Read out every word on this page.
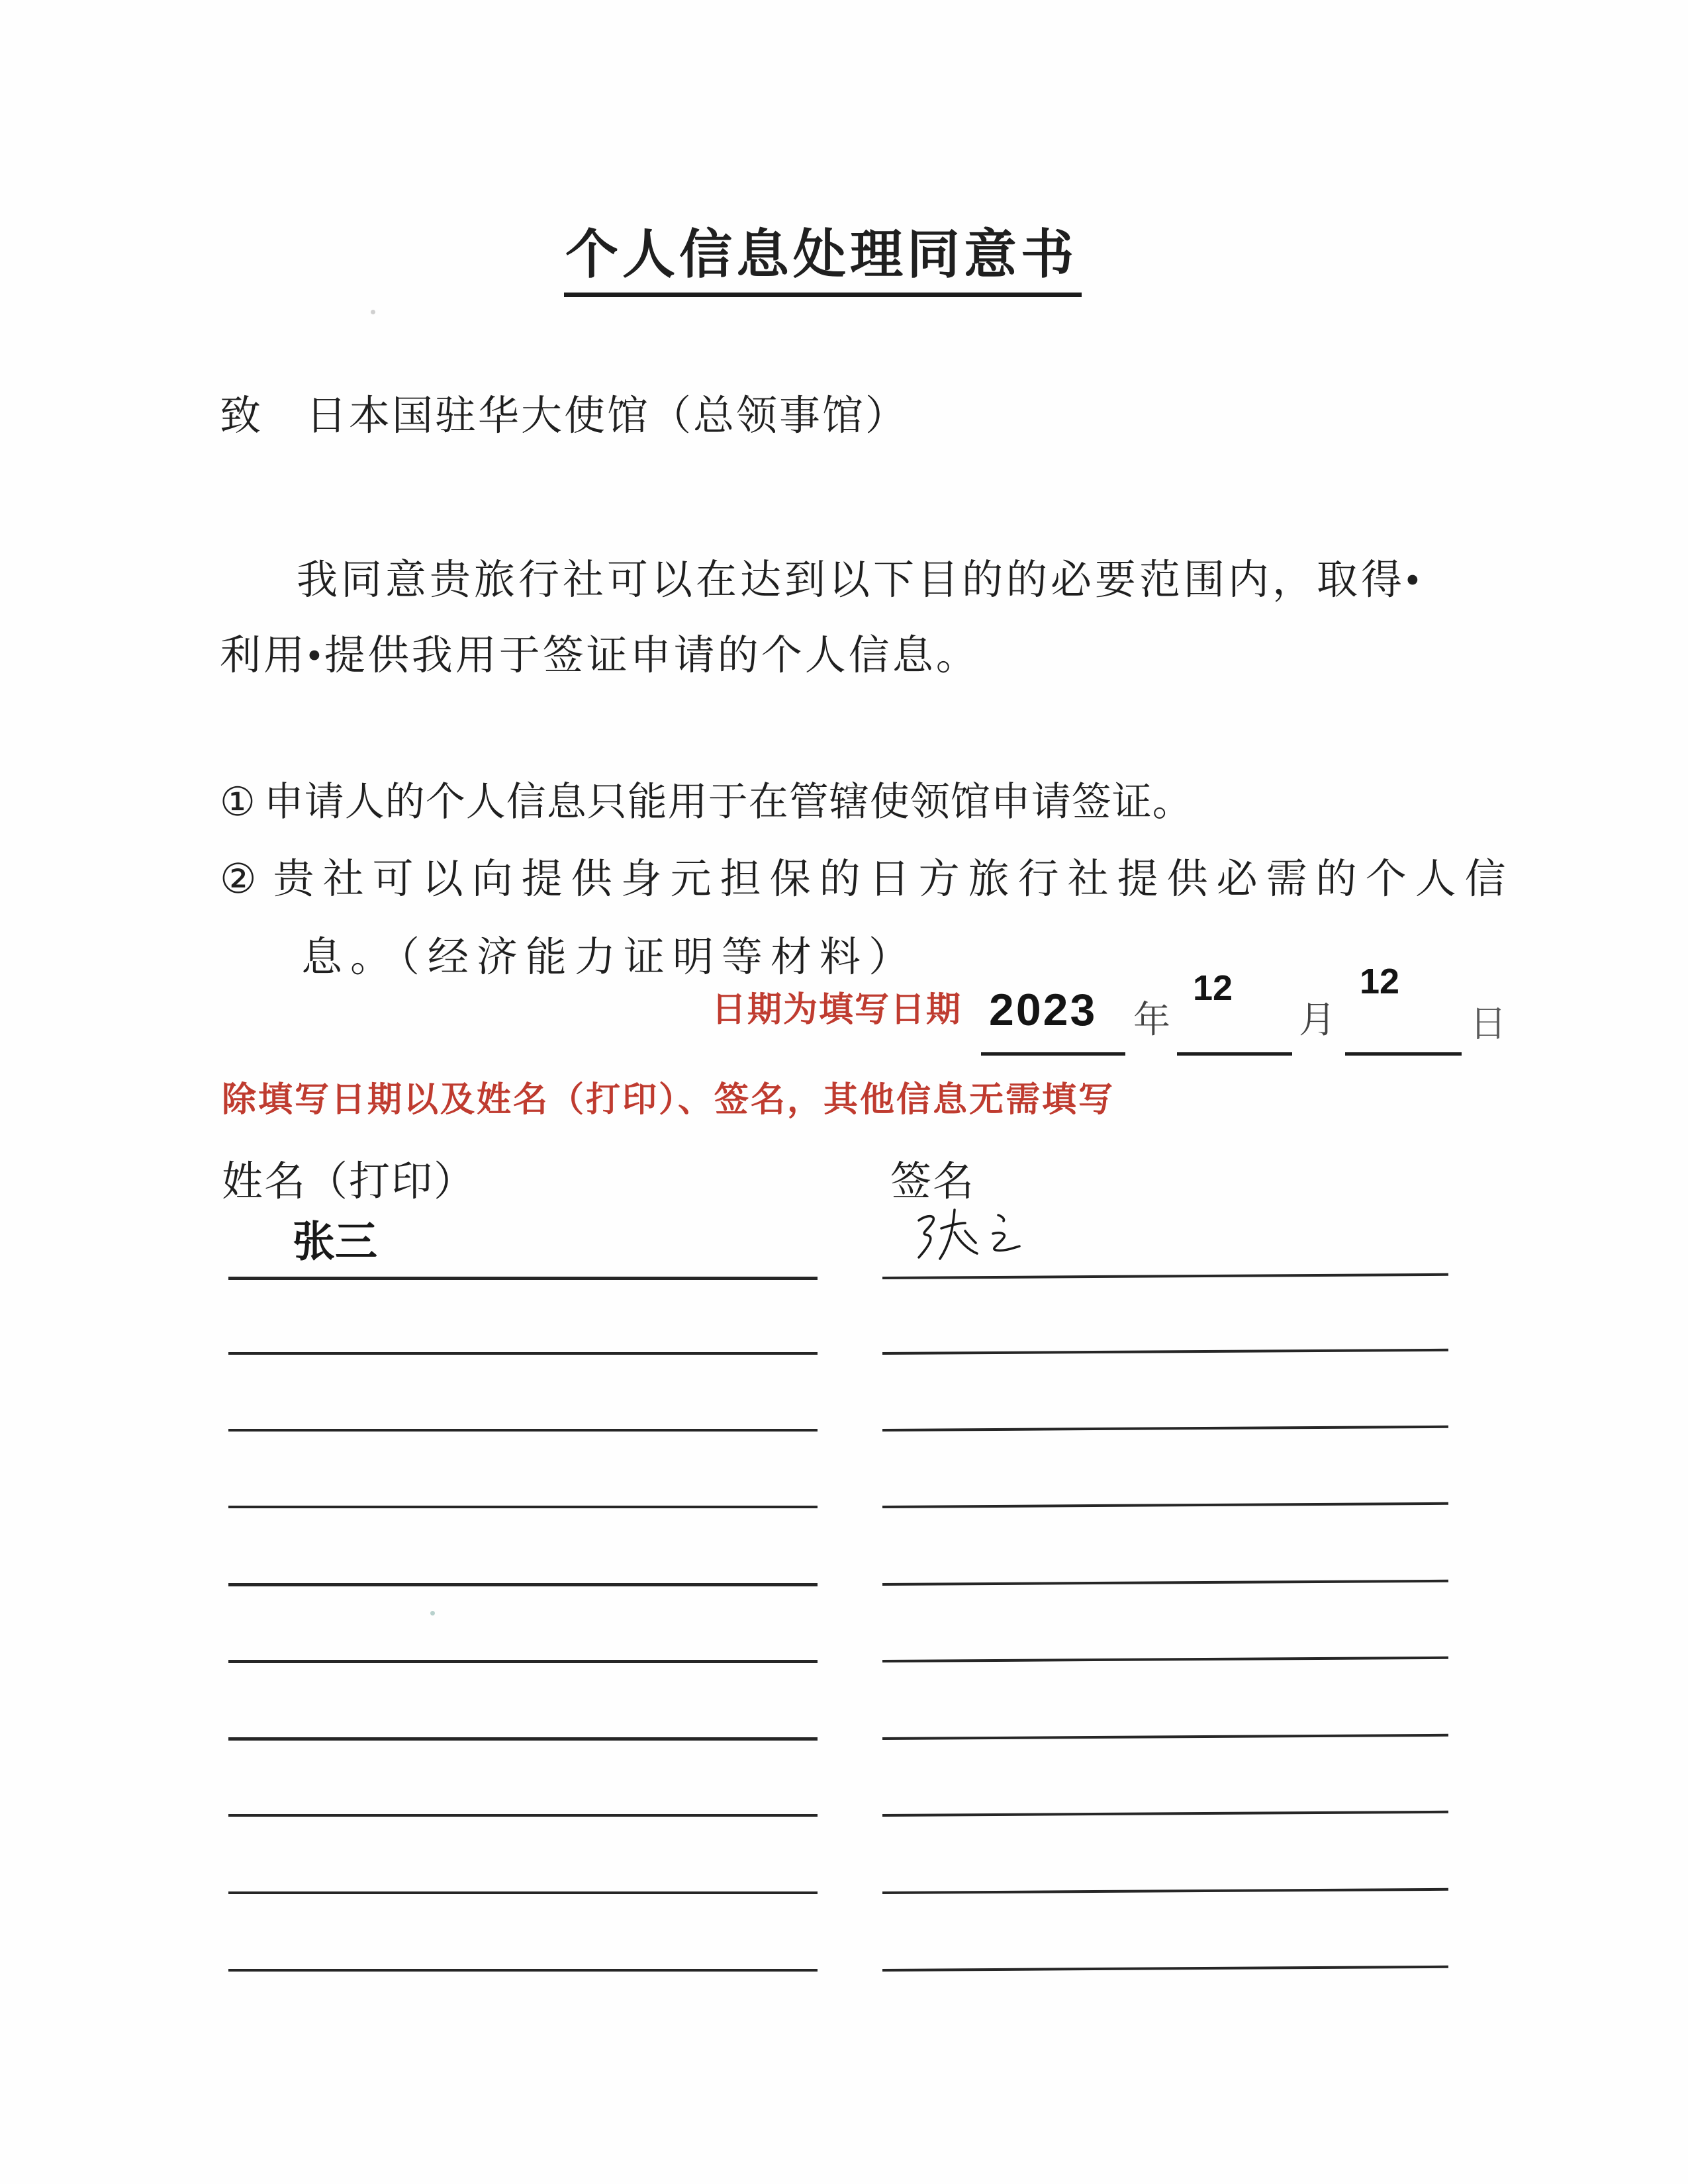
个人信息处理同意书
致　日本国驻华大使馆（总领事馆）
我同意贵旅行社可以在达到以下目的的必要范围内，取得•
利用•提供我用于签证申请的个人信息。
① 申请人的个人信息只能用于在管辖使领馆申请签证。
② 贵社可以向提供身元担保的日方旅行社提供必需的个人信
息。（经济能力证明等材料）
日期为填写日期 2023 年
12
月
12
日
除填写日期以及姓名（打印）、签名，其他信息无需填写
姓名（打印）	签名
张三
